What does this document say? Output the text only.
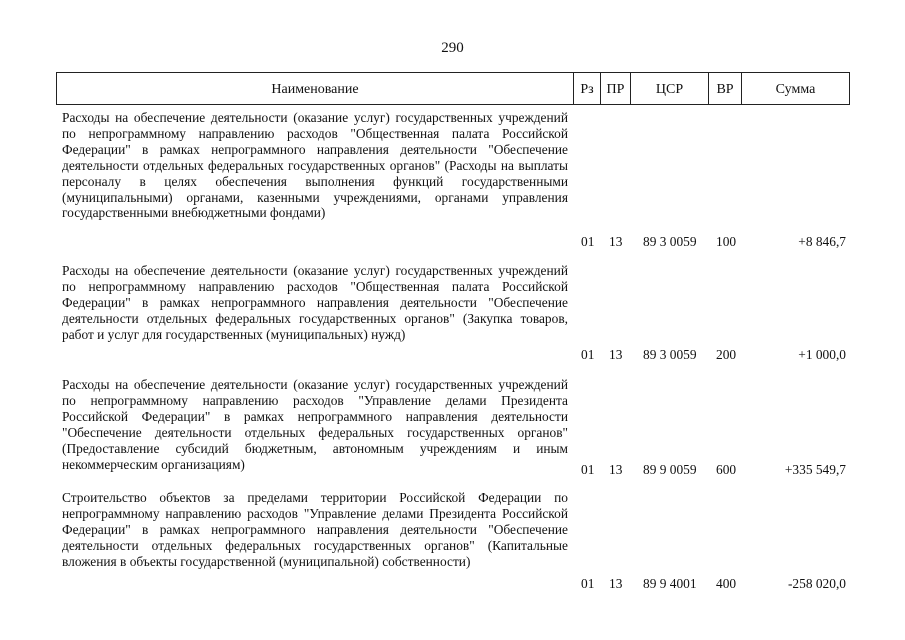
290
Наименование	Рз ПР	ЦСР	ВР	Сумма
Расходы на обеспечение деятельности (оказание услуг) государственных учреждений по непрограммному направлению расходов "Общественная палата Российской Федерации" в рамках непрограммного направления деятельности "Обеспечение деятельности отдельных федеральных государственных органов" (Расходы на выплаты персоналу в целях обеспечения выполнения функций государственными (муниципальными) органами, казенными учреждениями, органами управления государственными внебюджетными фондами)
01	13	89 3 0059	100	+8 846,7
Расходы на обеспечение деятельности (оказание услуг) государственных учреждений по непрограммному направлению расходов "Общественная палата Российской Федерации" в рамках непрограммного направления деятельности "Обеспечение деятельности отдельных федеральных государственных органов" (Закупка товаров, работ и услуг для государственных (муниципальных) нужд)
01	13	89 3 0059	200	+1 000,0
Расходы на обеспечение деятельности (оказание услуг) государственных учреждений по непрограммному направлению расходов "Управление делами Президента Российской Федерации" в рамках непрограммного направления деятельности "Обеспечение деятельности отдельных федеральных государственных органов" (Предоставление субсидий бюджетным, автономным учреждениям и иным некоммерческим организациям)	01	13	89 9 0059	600	+335 549,7
Строительство объектов за пределами территории Российской Федерации по непрограммному направлению расходов "Управление делами Президента Российской Федерации" в рамках непрограммного направления деятельности "Обеспечение деятельности отдельных федеральных государственных органов" (Капитальные вложения в объекты государственной (муниципальной) собственности)
01	13	89 9 4001	400	-258 020,0
